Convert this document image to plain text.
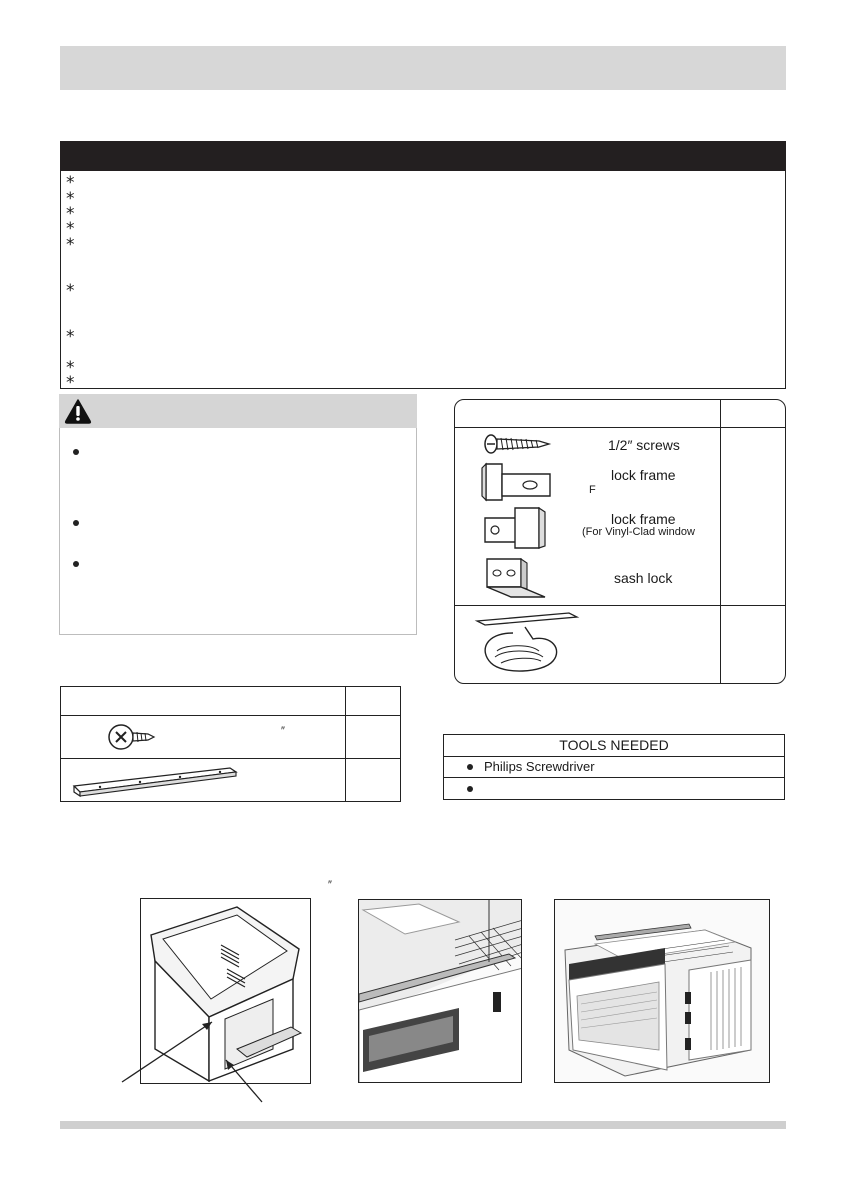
*
*
*
*
*
*
*
*
*
1/2″ screws
lock frame
F
lock frame
(For Vinyl-Clad window
sash lock
″
TOOLS NEEDED
Philips Screwdriver
″
